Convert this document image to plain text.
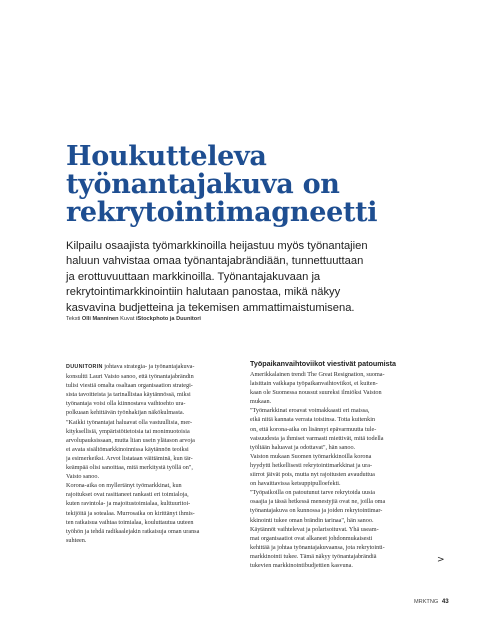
Houkutteleva
työnantajakuva on
rekrytointimagneetti
Kilpailu osaajista työmarkkinoilla heijastuu myös työnantajien
haluun vahvistaa omaa työnantajabrändiään, tunnettuuttaan
ja erottuvuuttaan markkinoilla. Työnantajakuvaan ja
rekrytointimarkkinointiin halutaan panostaa, mikä näkyy
kasvavina budjetteina ja tekemisen ammattimaistumisena.
Teksti Olli Manninen Kuvat iStockphoto ja Duunitori
DUUNITORIN johtava strategia- ja työnantajakuva-
konsultti Lauri Vaisto sanoo, että työnantajabrändin
tulisi viestiä omalta osaltaan organisaation strategi-
sista tavoitteista ja tarinallistaa käytännössä, miksi
työnantaja voisi olla kiinnostava vaihtoehto ura-
polkuaan kehittävän työnhakijan näkökulmasta.
"Kaikki työnantajat haluavat olla vastuullisia, mer-
kityksellisiä, ympäristötietoisia tai monimuotoisia
arvolupauksissaan, mutta liian usein ylätason arvoja
ei avata sisältömarkkinoinnissa käytännön teoiksi
ja esimerkeiksi. Arvot listataan väittäminä, kun tär-
keämpää olisi sanoittaa, mitä merkitystä työllä on",
Vaisto sanoo.
Korona-aika on myllertänyt työmarkkinat, kun
rajoitukset ovat rasittaneet rankasti eri toimialoja,
kuten ravintola- ja majoitustoimialaa, kulttuuritoi-
tekijöitä ja sotealaa. Murrosaika on kirittänyt ihmis-
ten ratkaisua vaihtaa toimialaa, kouluttautua uuteen
työhön ja tehdä radikaalejakin ratkaisuja oman uransa
suhteen.
Työpaikanvaihtoviikot viestivät patoumista
Amerikkalainen trendi The Great Resignation, suoma-
laisittain vaikkapa työpaikanvaihtoviikot, ei kuiten-
kaan ole Suomessa noussut suureksi ilmiöksi Vaiston
mukaan.
"Työmarkkinat eroavat voimakkaasti eri maissa,
eikä niitä kannata verrata toisiinsa. Totta kuitenkin
on, että korona-aika on lisännyt epävarmuutta tule-
vaisuudesta ja ihmiset varmasti miettivät, mitä todella
työltään haluavat ja odottavat", hän sanoo.
Vaiston mukaan Suomen työmarkkinoilla korona
hyydytti hetkellisesti rekrytointimarkkinat ja ura-
siirrot jäivät pois, mutta nyt rajoitusten avauduttua
on havaittavissa ketsuppipulloefekti.
"Työpaikoilla on patoutunut tarve rekrytoida uusia
osaajia ja tässä hetkessä menestyjiä ovat ne, joilla oma
työnantajakuva on kunnossa ja joiden rekrytointimar-
kkinointi tukee oman brändin tarinaa", hän sanoo.
Käytännöt vaihtelevat ja polarisoituvat. Yhä useam-
mat organisaatiot ovat alkaneet johdonmukaisesti
kehittää ja johtaa työnantajakuvaansa, jota rekrytointi-
markkinointi tukee. Tämä näkyy työnantajabrändiä
tukevien markkinointibudjettien kasvuna.
>
MRKTNG 43
